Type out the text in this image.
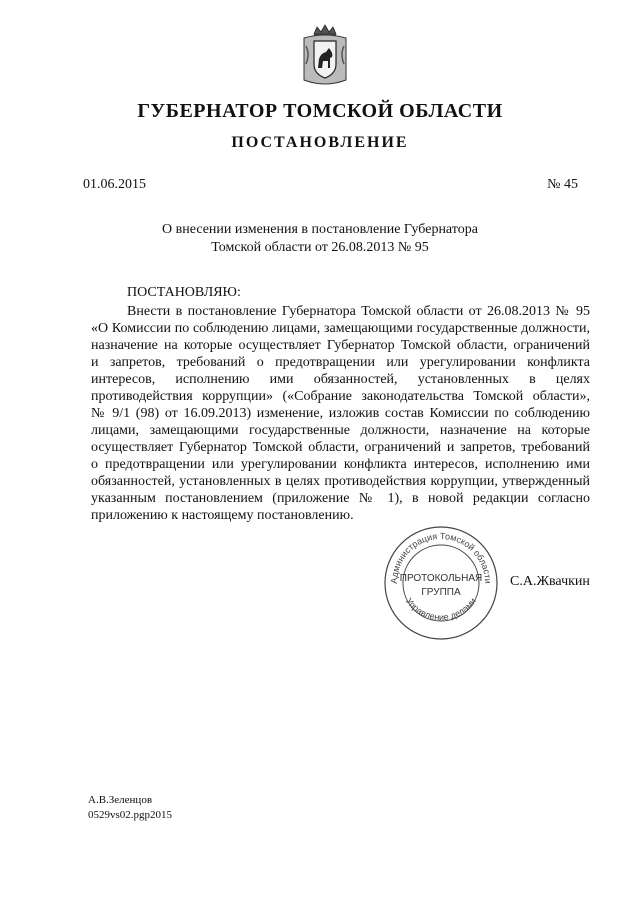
ГУБЕРНАТОР ТОМСКОЙ ОБЛАСТИ
ПОСТАНОВЛЕНИЕ
01.06.2015	№ 45
О внесении изменения в постановление Губернатора
Томской области от 26.08.2013 № 95
ПОСТАНОВЛЯЮ:
Внести в постановление Губернатора Томской области от 26.08.2013 № 95
«О Комиссии по соблюдению лицами, замещающими государственные должности,
назначение на которые осуществляет Губернатор Томской области, ограничений
и запретов, требований о предотвращении или урегулировании конфликта
интересов, исполнению ими обязанностей, установленных в целях
противодействия коррупции» («Собрание законодательства Томской области»,
№ 9/1 (98) от 16.09.2013) изменение, изложив состав Комиссии по соблюдению
лицами, замещающими государственные должности, назначение на которые
осуществляет Губернатор Томской области, ограничений и запретов, требований
о предотвращении или урегулировании конфликта интересов, исполнению ими
обязанностей, установленных в целях противодействия коррупции, утвержденный
указанным постановлением (приложение № 1), в новой редакции согласно
приложению к настоящему постановлению.
Администрация Томской области
Управление делами
ПРОТОКОЛЬНАЯ
ГРУППА
С.А.Жвачкин
А.В.Зеленцов
0529vs02.pgp2015
